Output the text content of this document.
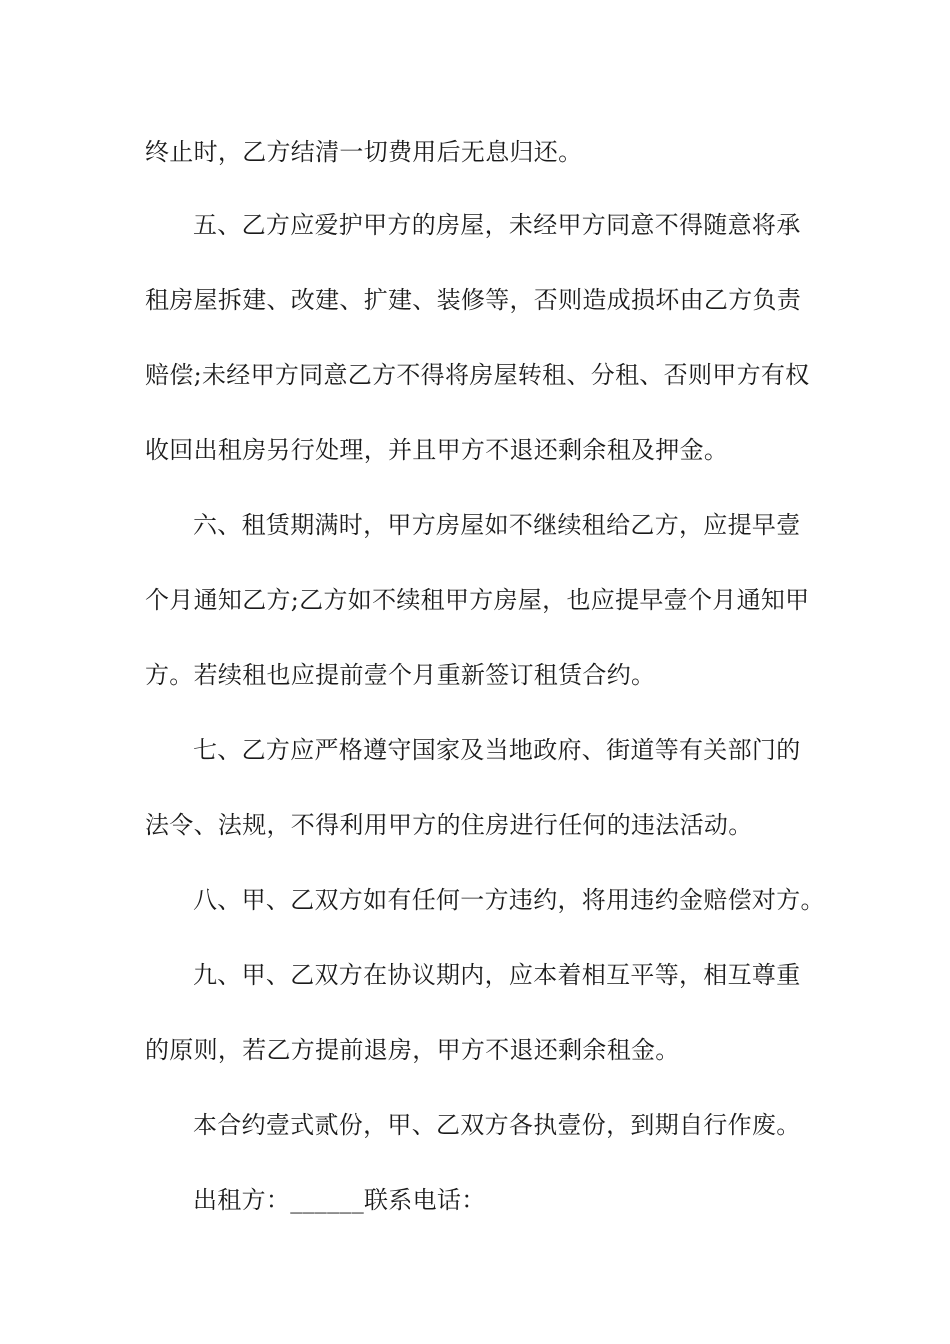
终止时，乙方结清一切费用后无息归还。
五、乙方应爱护甲方的房屋，未经甲方同意不得随意将承
租房屋拆建、改建、扩建、装修等，否则造成损坏由乙方负责
赔偿;未经甲方同意乙方不得将房屋转租、分租、否则甲方有权
收回出租房另行处理，并且甲方不退还剩余租及押金。
六、租赁期满时，甲方房屋如不继续租给乙方，应提早壹
个月通知乙方;乙方如不续租甲方房屋，也应提早壹个月通知甲
方。若续租也应提前壹个月重新签订租赁合约。
七、乙方应严格遵守国家及当地政府、街道等有关部门的
法令、法规，不得利用甲方的住房进行任何的违法活动。
八、甲、乙双方如有任何一方违约，将用违约金赔偿对方。
九、甲、乙双方在协议期内，应本着相互平等，相互尊重
的原则，若乙方提前退房，甲方不退还剩余租金。
本合约壹式贰份，甲、乙双方各执壹份，到期自行作废。
出租方：______联系电话：
